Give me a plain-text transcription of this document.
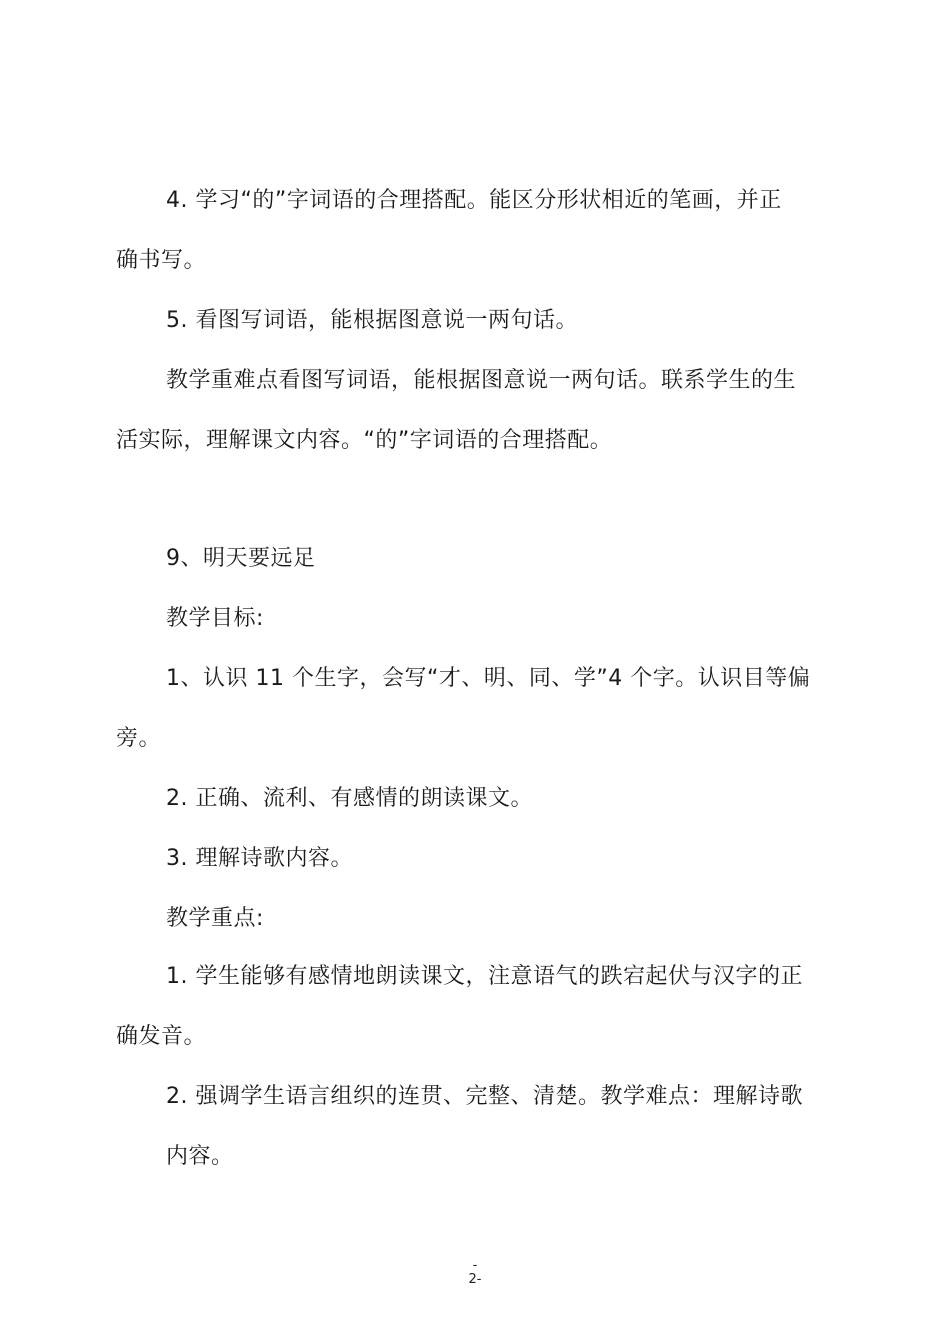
4. 学习“的”字词语的合理搭配。能区分形状相近的笔画，并正
确书写。
5. 看图写词语，能根据图意说一两句话。
教学重难点看图写词语，能根据图意说一两句话。联系学生的生
活实际，理解课文内容。“的”字词语的合理搭配。
9、明天要远足
教学目标:
1、认识 11 个生字，会写“才、明、同、学”4 个字。认识目等偏
旁。
2. 正确、流利、有感情的朗读课文。
3. 理解诗歌内容。
教学重点:
1. 学生能够有感情地朗读课文，注意语气的跌宕起伏与汉字的正
确发音。
2. 强调学生语言组织的连贯、完整、清楚。教学难点：理解诗歌
内容。
-
2-
